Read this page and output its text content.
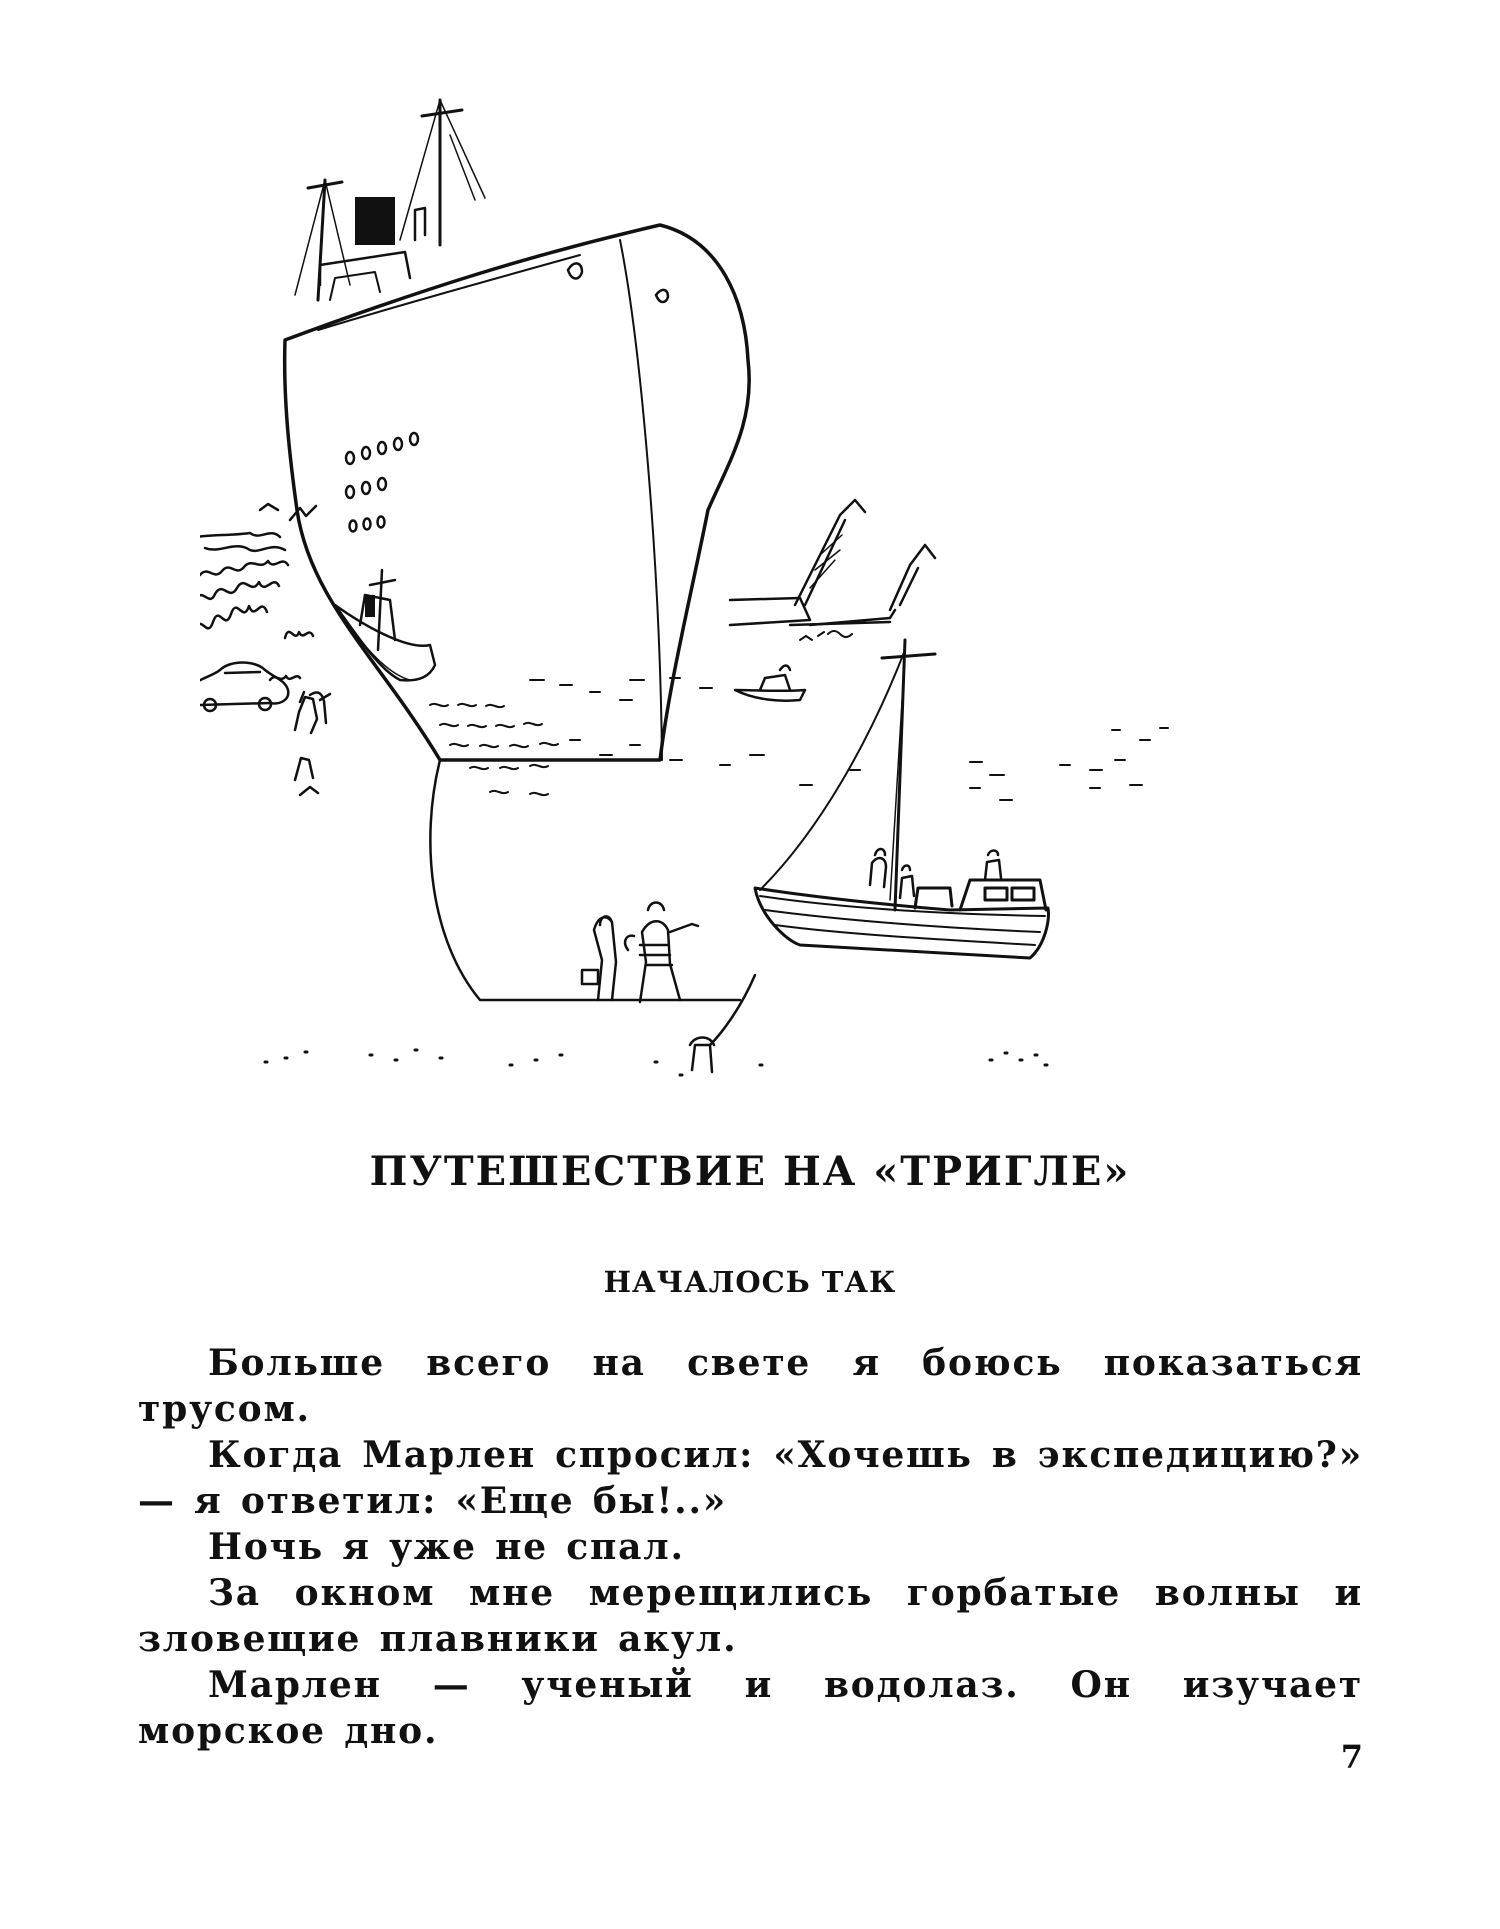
ПУТЕШЕСТВИЕ НА «ТРИГЛЕ»
НАЧАЛОСЬ ТАК

Больше всего на свете я боюсь показаться трусом.

Когда Марлен спросил: «Хочешь в экспедицию?» — я ответил: «Еще бы!..»

Ночь я уже не спал.

За окном мне мерещились горбатые волны и зловещие плавники акул.

Марлен — ученый и водолаз. Он изучает морское дно.

7
